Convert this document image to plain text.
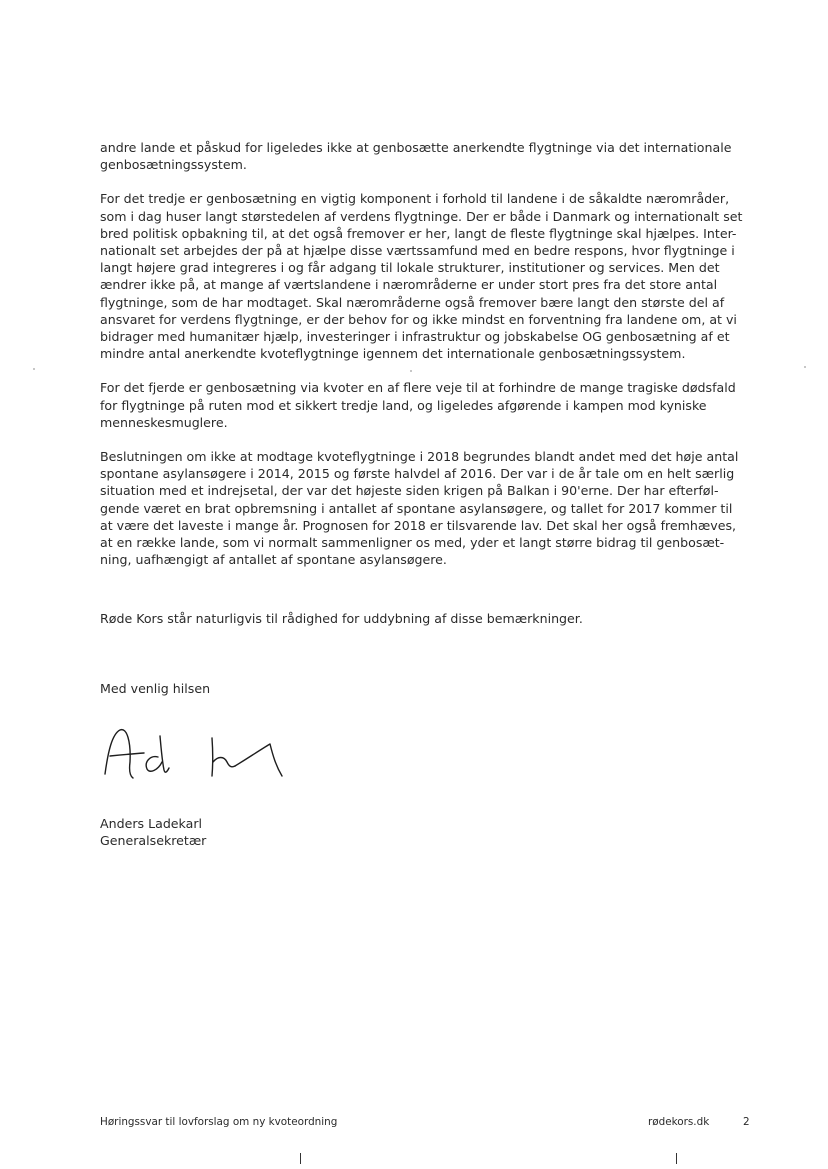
andre lande et påskud for ligeledes ikke at genbosætte anerkendte flygtninge via det internationale
genbosætningssystem.

For det tredje er genbosætning en vigtig komponent i forhold til landene i de såkaldte nærområder,
som i dag huser langt størstedelen af verdens flygtninge. Der er både i Danmark og internationalt set
bred politisk opbakning til, at det også fremover er her, langt de fleste flygtninge skal hjælpes. Inter-
nationalt set arbejdes der på at hjælpe disse værtssamfund med en bedre respons, hvor flygtninge i
langt højere grad integreres i og får adgang til lokale strukturer, institutioner og services. Men det
ændrer ikke på, at mange af værtslandene i nærområderne er under stort pres fra det store antal
flygtninge, som de har modtaget. Skal nærområderne også fremover bære langt den største del af
ansvaret for verdens flygtninge, er der behov for og ikke mindst en forventning fra landene om, at vi
bidrager med humanitær hjælp, investeringer i infrastruktur og jobskabelse OG genbosætning af et
mindre antal anerkendte kvoteflygtninge igennem det internationale genbosætningssystem.

For det fjerde er genbosætning via kvoter en af flere veje til at forhindre de mange tragiske dødsfald
for flygtninge på ruten mod et sikkert tredje land, og ligeledes afgørende i kampen mod kyniske
menneskesmuglere.

Beslutningen om ikke at modtage kvoteflygtninge i 2018 begrundes blandt andet med det høje antal
spontane asylansøgere i 2014, 2015 og første halvdel af 2016. Der var i de år tale om en helt særlig
situation med et indrejsetal, der var det højeste siden krigen på Balkan i 90'erne. Der har efterføl-
gende været en brat opbremsning i antallet af spontane asylansøgere, og tallet for 2017 kommer til
at være det laveste i mange år. Prognosen for 2018 er tilsvarende lav. Det skal her også fremhæves,
at en række lande, som vi normalt sammenligner os med, yder et langt større bidrag til genbosæt-
ning, uafhængigt af antallet af spontane asylansøgere.

Røde Kors står naturligvis til rådighed for uddybning af disse bemærkninger.
Med venlig hilsen
Anders Ladekarl
Generalsekretær
Høringssvar til lovforslag om ny kvoteordning	rødekors.dk	2
